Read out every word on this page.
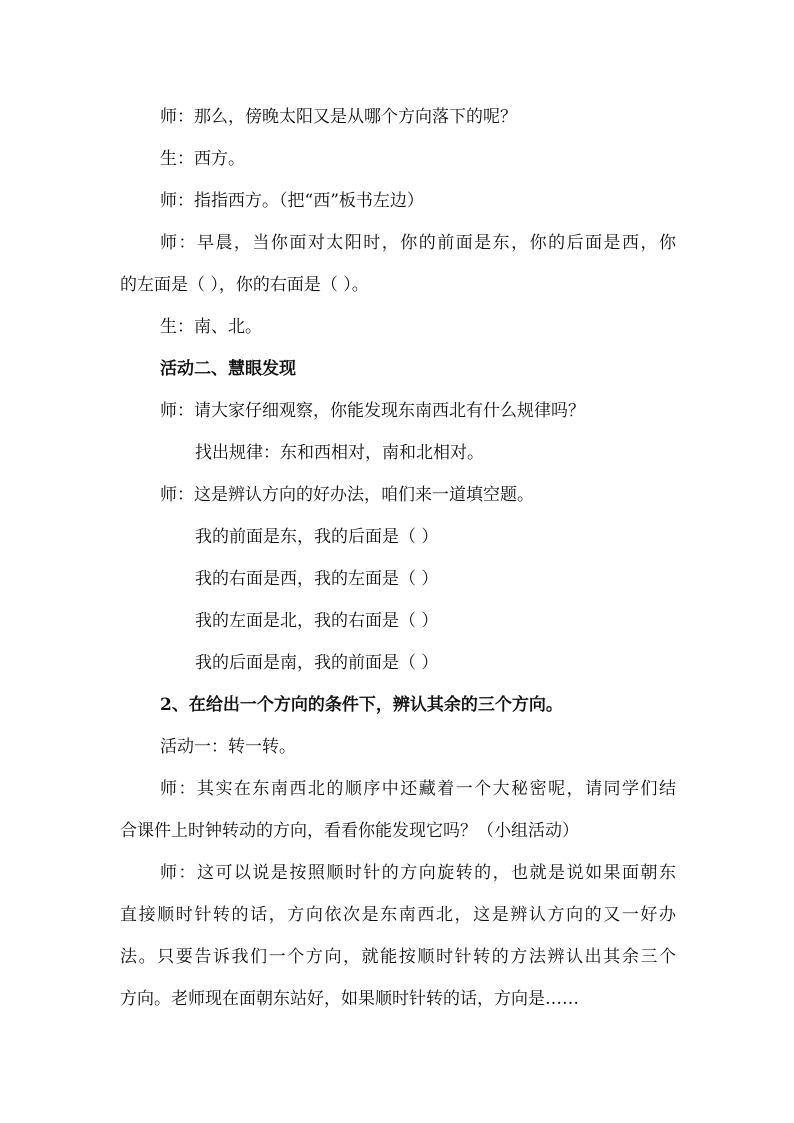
师：那么，傍晚太阳又是从哪个方向落下的呢？
生：西方。
师：指指西方。（把“西”板书左边）
师：早晨，当你面对太阳时，你的前面是东，你的后面是西，你
的左面是（ ），你的右面是（ ）。
生：南、北。
活动二、慧眼发现
师：请大家仔细观察，你能发现东南西北有什么规律吗？
找出规律：东和西相对，南和北相对。
师：这是辨认方向的好办法，咱们来一道填空题。
我的前面是东，我的后面是（ ）
我的右面是西，我的左面是（ ）
我的左面是北，我的右面是（ ）
我的后面是南，我的前面是（ ）
2、在给出一个方向的条件下，辨认其余的三个方向。
活动一：转一转。
师：其实在东南西北的顺序中还藏着一个大秘密呢，请同学们结
合课件上时钟转动的方向，看看你能发现它吗？（小组活动）
师：这可以说是按照顺时针的方向旋转的，也就是说如果面朝东
直接顺时针转的话，方向依次是东南西北，这是辨认方向的又一好办
法。只要告诉我们一个方向，就能按顺时针转的方法辨认出其余三个
方向。老师现在面朝东站好，如果顺时针转的话，方向是……
